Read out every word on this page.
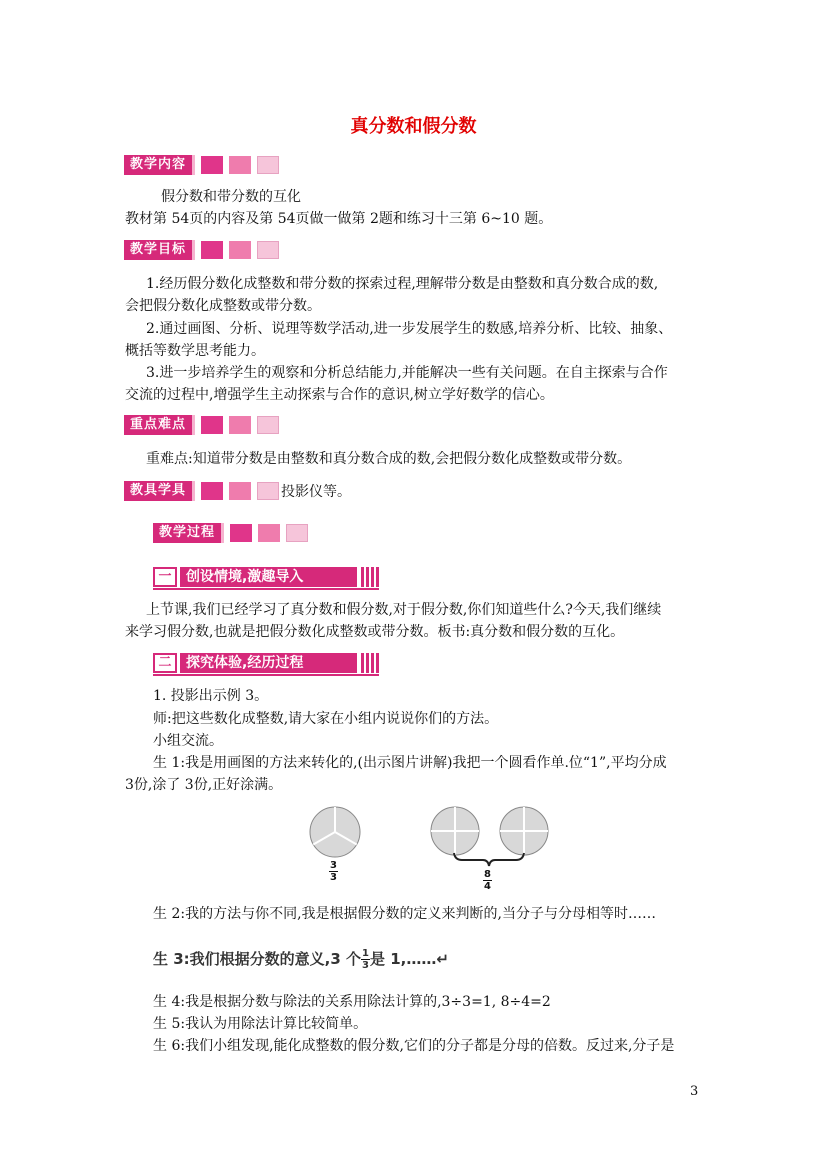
真分数和假分数
教学内容
假分数和带分数的互化
教材第 54页的内容及第 54页做一做第 2题和练习十三第 6~10 题。
教学目标
1.经历假分数化成整数和带分数的探索过程,理解带分数是由整数和真分数合成的数,
会把假分数化成整数或带分数。
2.通过画图、分析、说理等数学活动,进一步发展学生的数感,培养分析、比较、抽象、
概括等数学思考能力。
3.进一步培养学生的观察和分析总结能力,并能解决一些有关问题。在自主探索与合作
交流的过程中,增强学生主动探索与合作的意识,树立学好数学的信心。
重点难点
重难点:知道带分数是由整数和真分数合成的数,会把假分数化成整数或带分数。
教具学具	投影仪等。
教学过程
一	创设情境,激趣导入
上节课,我们已经学习了真分数和假分数,对于假分数,你们知道些什么?今天,我们继续
来学习假分数,也就是把假分数化成整数或带分数。板书:真分数和假分数的互化。
二	探究体验,经历过程
1. 投影出示例 3。
师:把这些数化成整数,请大家在小组内说说你们的方法。
小组交流。
生 1:我是用画图的方法来转化的,(出示图片讲解)我把一个圆看作单.位“1”,平均分成
3份,涂了 3份,正好涂满。
$\frac{3}{3}$	$\frac{8}{4}$
生 2:我的方法与你不同,我是根据假分数的定义来判断的,当分子与分母相等时……
生 3:我们根据分数的意义,3 个 $\frac{1}{3}$ 是 1,……↵
生 4:我是根据分数与除法的关系用除法计算的,3÷3=1, 8÷4=2
生 5:我认为用除法计算比较简单。
生 6:我们小组发现,能化成整数的假分数,它们的分子都是分母的倍数。反过来,分子是
3
